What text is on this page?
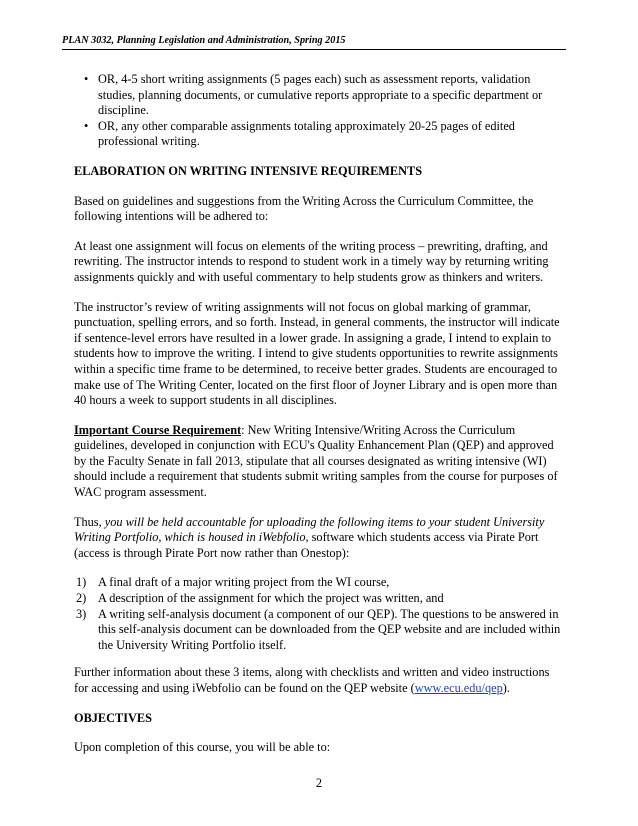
PLAN 3032, Planning Legislation and Administration, Spring 2015
• OR, 4-5 short writing assignments (5 pages each) such as assessment reports, validation studies, planning documents, or cumulative reports appropriate to a specific department or discipline.
• OR, any other comparable assignments totaling approximately 20-25 pages of edited professional writing.

ELABORATION ON WRITING INTENSIVE REQUIREMENTS

Based on guidelines and suggestions from the Writing Across the Curriculum Committee, the following intentions will be adhered to:

At least one assignment will focus on elements of the writing process – prewriting, drafting, and rewriting. The instructor intends to respond to student work in a timely way by returning writing assignments quickly and with useful commentary to help students grow as thinkers and writers.

The instructor’s review of writing assignments will not focus on global marking of grammar, punctuation, spelling errors, and so forth. Instead, in general comments, the instructor will indicate if sentence-level errors have resulted in a lower grade. In assigning a grade, I intend to explain to students how to improve the writing. I intend to give students opportunities to rewrite assignments within a specific time frame to be determined, to receive better grades. Students are encouraged to make use of The Writing Center, located on the first floor of Joyner Library and is open more than 40 hours a week to support students in all disciplines.

Important Course Requirement: New Writing Intensive/Writing Across the Curriculum guidelines, developed in conjunction with ECU's Quality Enhancement Plan (QEP) and approved by the Faculty Senate in fall 2013, stipulate that all courses designated as writing intensive (WI) should include a requirement that students submit writing samples from the course for purposes of WAC program assessment.

Thus, you will be held accountable for uploading the following items to your student University Writing Portfolio, which is housed in iWebfolio, software which students access via Pirate Port (access is through Pirate Port now rather than Onestop):

1) A final draft of a major writing project from the WI course,
2) A description of the assignment for which the project was written, and
3) A writing self-analysis document (a component of our QEP). The questions to be answered in this self-analysis document can be downloaded from the QEP website and are included within the University Writing Portfolio itself.

Further information about these 3 items, along with checklists and written and video instructions for accessing and using iWebfolio can be found on the QEP website (www.ecu.edu/qep).

OBJECTIVES

Upon completion of this course, you will be able to:

2
